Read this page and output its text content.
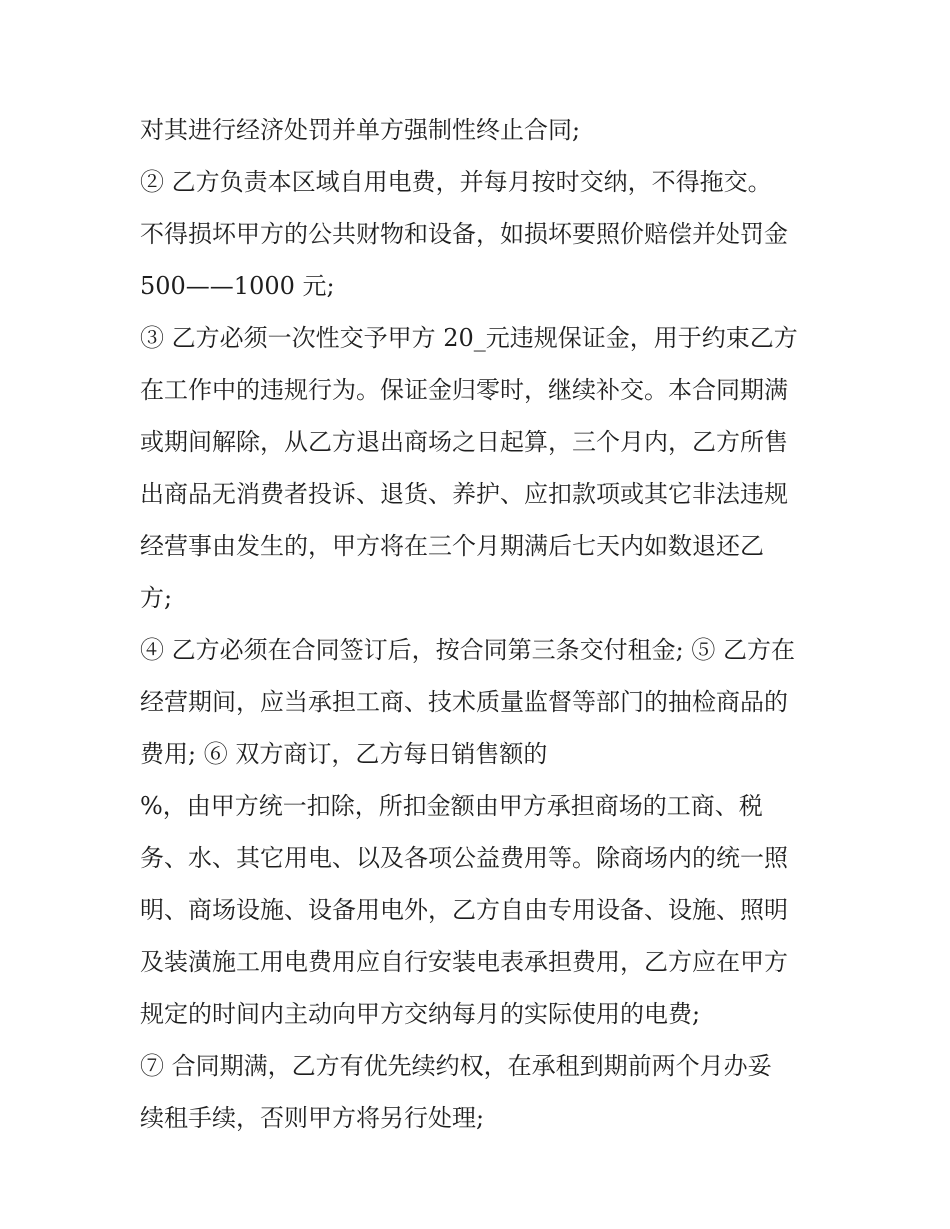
对其进行经济处罚并单方强制性终止合同;
② 乙方负责本区域自用电费，并每月按时交纳，不得拖交。
不得损坏甲方的公共财物和设备，如损坏要照价赔偿并处罚金
500——1000 元;
③ 乙方必须一次性交予甲方 20_元违规保证金，用于约束乙方
在工作中的违规行为。保证金归零时，继续补交。本合同期满
或期间解除，从乙方退出商场之日起算，三个月内，乙方所售
出商品无消费者投诉、退货、养护、应扣款项或其它非法违规
经营事由发生的，甲方将在三个月期满后七天内如数退还乙
方;
④ 乙方必须在合同签订后，按合同第三条交付租金; ⑤ 乙方在
经营期间，应当承担工商、技术质量监督等部门的抽检商品的
费用; ⑥ 双方商订，乙方每日销售额的
%，由甲方统一扣除，所扣金额由甲方承担商场的工商、税
务、水、其它用电、以及各项公益费用等。除商场内的统一照
明、商场设施、设备用电外，乙方自由专用设备、设施、照明
及装潢施工用电费用应自行安装电表承担费用，乙方应在甲方
规定的时间内主动向甲方交纳每月的实际使用的电费;
⑦ 合同期满，乙方有优先续约权，在承租到期前两个月办妥
续租手续，否则甲方将另行处理;
